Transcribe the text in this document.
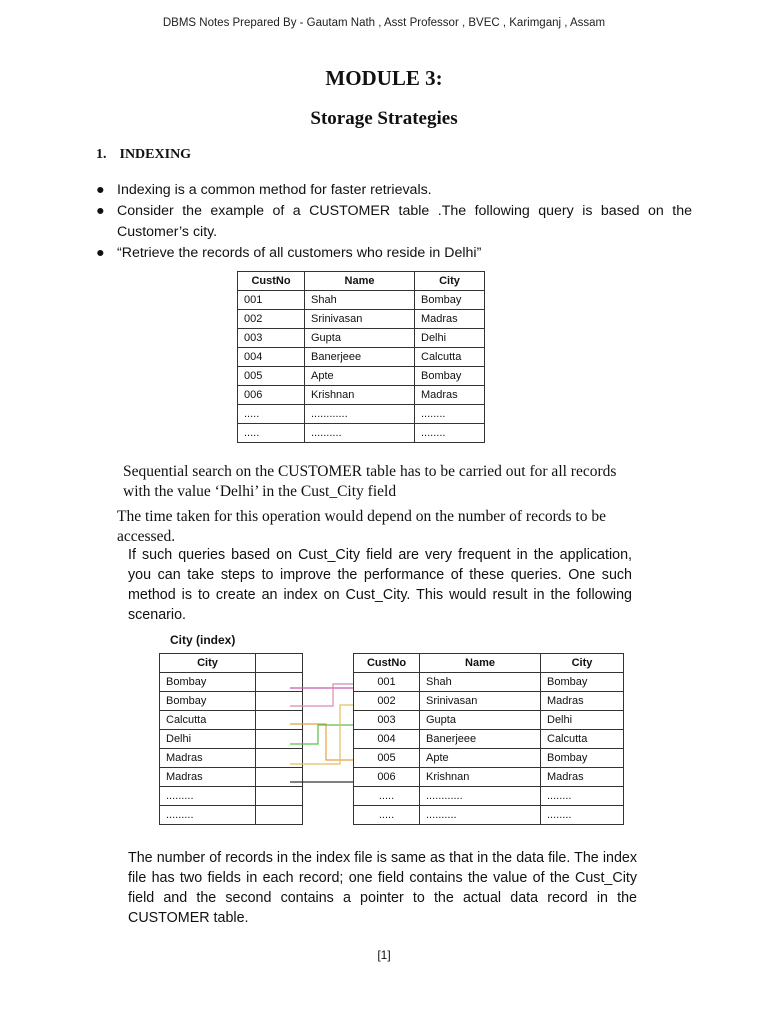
DBMS Notes Prepared By - Gautam Nath , Asst Professor , BVEC , Karimganj , Assam
MODULE 3:
Storage Strategies
1. INDEXING
● Indexing is a common method for faster retrievals.
● Consider the example of a CUSTOMER table .The following query is based on the Customer’s city.
● “Retrieve the records of all customers who reside in Delhi”
CustNo	Name	City
001	Shah	Bombay
002	Srinivasan	Madras
003	Gupta	Delhi
004	Banerjeee	Calcutta
005	Apte	Bombay
006	Krishnan	Madras
.....	............	........
.....	..........	........
Sequential search on the CUSTOMER table has to be carried out for all records with the value ‘Delhi’ in the Cust_City field
The time taken for this operation would depend on the number of records to be accessed.
If such queries based on Cust_City field are very frequent in the application, you can take steps to improve the performance of these queries. One such method is to create an index on Cust_City. This would result in the following scenario.
City (index)
City	
Bombay	
Bombay	
Calcutta	
Delhi	
Madras	
Madras	
.........	
.........	
CustNo	Name	City
001	Shah	Bombay
002	Srinivasan	Madras
003	Gupta	Delhi
004	Banerjeee	Calcutta
005	Apte	Bombay
006	Krishnan	Madras
.....	............	........
.....	..........	........
The number of records in the index file is same as that in the data file. The index file has two fields in each record; one field contains the value of the Cust_City field and the second contains a pointer to the actual data record in the CUSTOMER table.
[1]
